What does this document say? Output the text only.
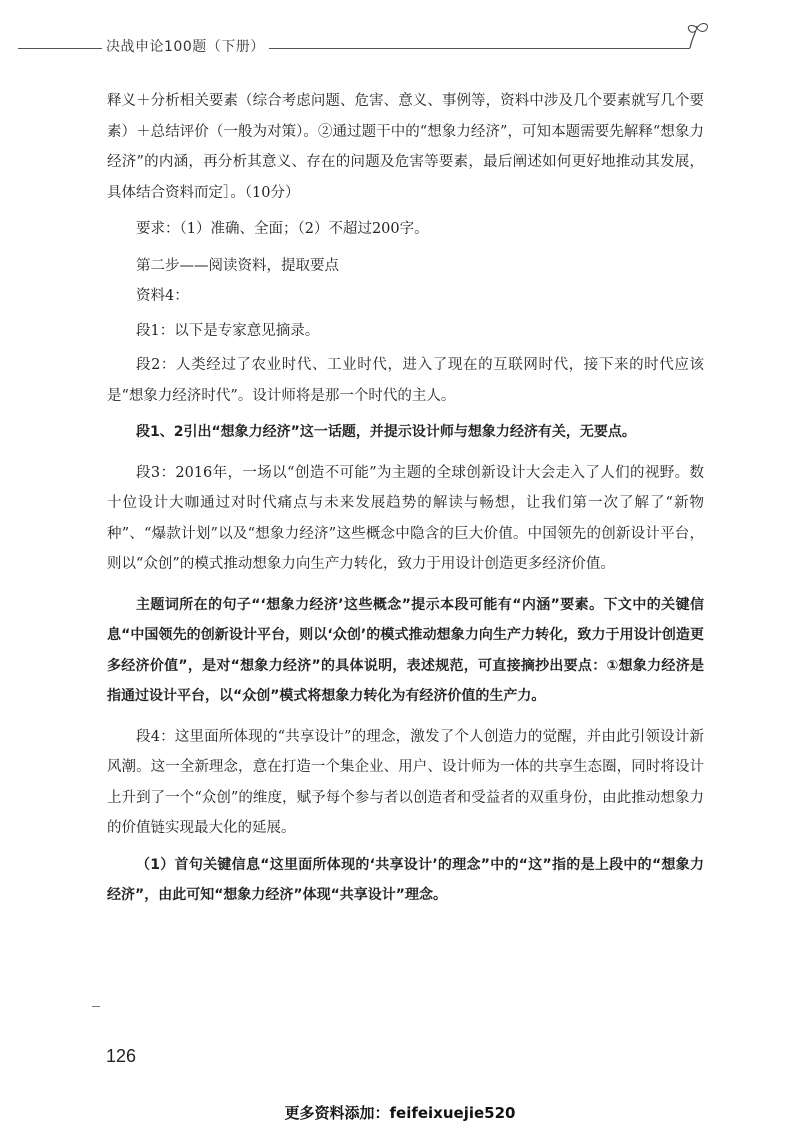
决战申论100题（下册）

释义＋分析相关要素（综合考虑问题、危害、意义、事例等，资料中涉及几个要素就写几个要素）＋总结评价（一般为对策）。②通过题干中的“想象力经济”，可知本题需要先解释“想象力经济”的内涵，再分析其意义、存在的问题及危害等要素，最后阐述如何更好地推动其发展，具体结合资料而定］。（10分）

要求：（1）准确、全面；（2）不超过200字。

第二步——阅读资料，提取要点

资料4：

段1：以下是专家意见摘录。

段2：人类经过了农业时代、工业时代，进入了现在的互联网时代，接下来的时代应该是“想象力经济时代”。设计师将是那一个时代的主人。

段1、2引出“想象力经济”这一话题，并提示设计师与想象力经济有关，无要点。

段3：2016年，一场以“创造不可能”为主题的全球创新设计大会走入了人们的视野。数十位设计大咖通过对时代痛点与未来发展趋势的解读与畅想，让我们第一次了解了“新物种”、“爆款计划”以及“想象力经济”这些概念中隐含的巨大价值。中国领先的创新设计平台，则以“众创”的模式推动想象力向生产力转化，致力于用设计创造更多经济价值。

主题词所在的句子“‘想象力经济’这些概念”提示本段可能有“内涵”要素。下文中的关键信息“中国领先的创新设计平台，则以‘众创’的模式推动想象力向生产力转化，致力于用设计创造更多经济价值”，是对“想象力经济”的具体说明，表述规范，可直接摘抄出要点：①想象力经济是指通过设计平台，以“众创”模式将想象力转化为有经济价值的生产力。

段4：这里面所体现的“共享设计”的理念，激发了个人创造力的觉醒，并由此引领设计新风潮。这一全新理念，意在打造一个集企业、用户、设计师为一体的共享生态圈，同时将设计上升到了一个“众创”的维度，赋予每个参与者以创造者和受益者的双重身份，由此推动想象力的价值链实现最大化的延展。

（1）首句关键信息“这里面所体现的‘共享设计’的理念”中的“这”指的是上段中的“想象力经济”，由此可知“想象力经济”体现“共享设计”理念。

126
更多资料添加：feifeixuejie520
